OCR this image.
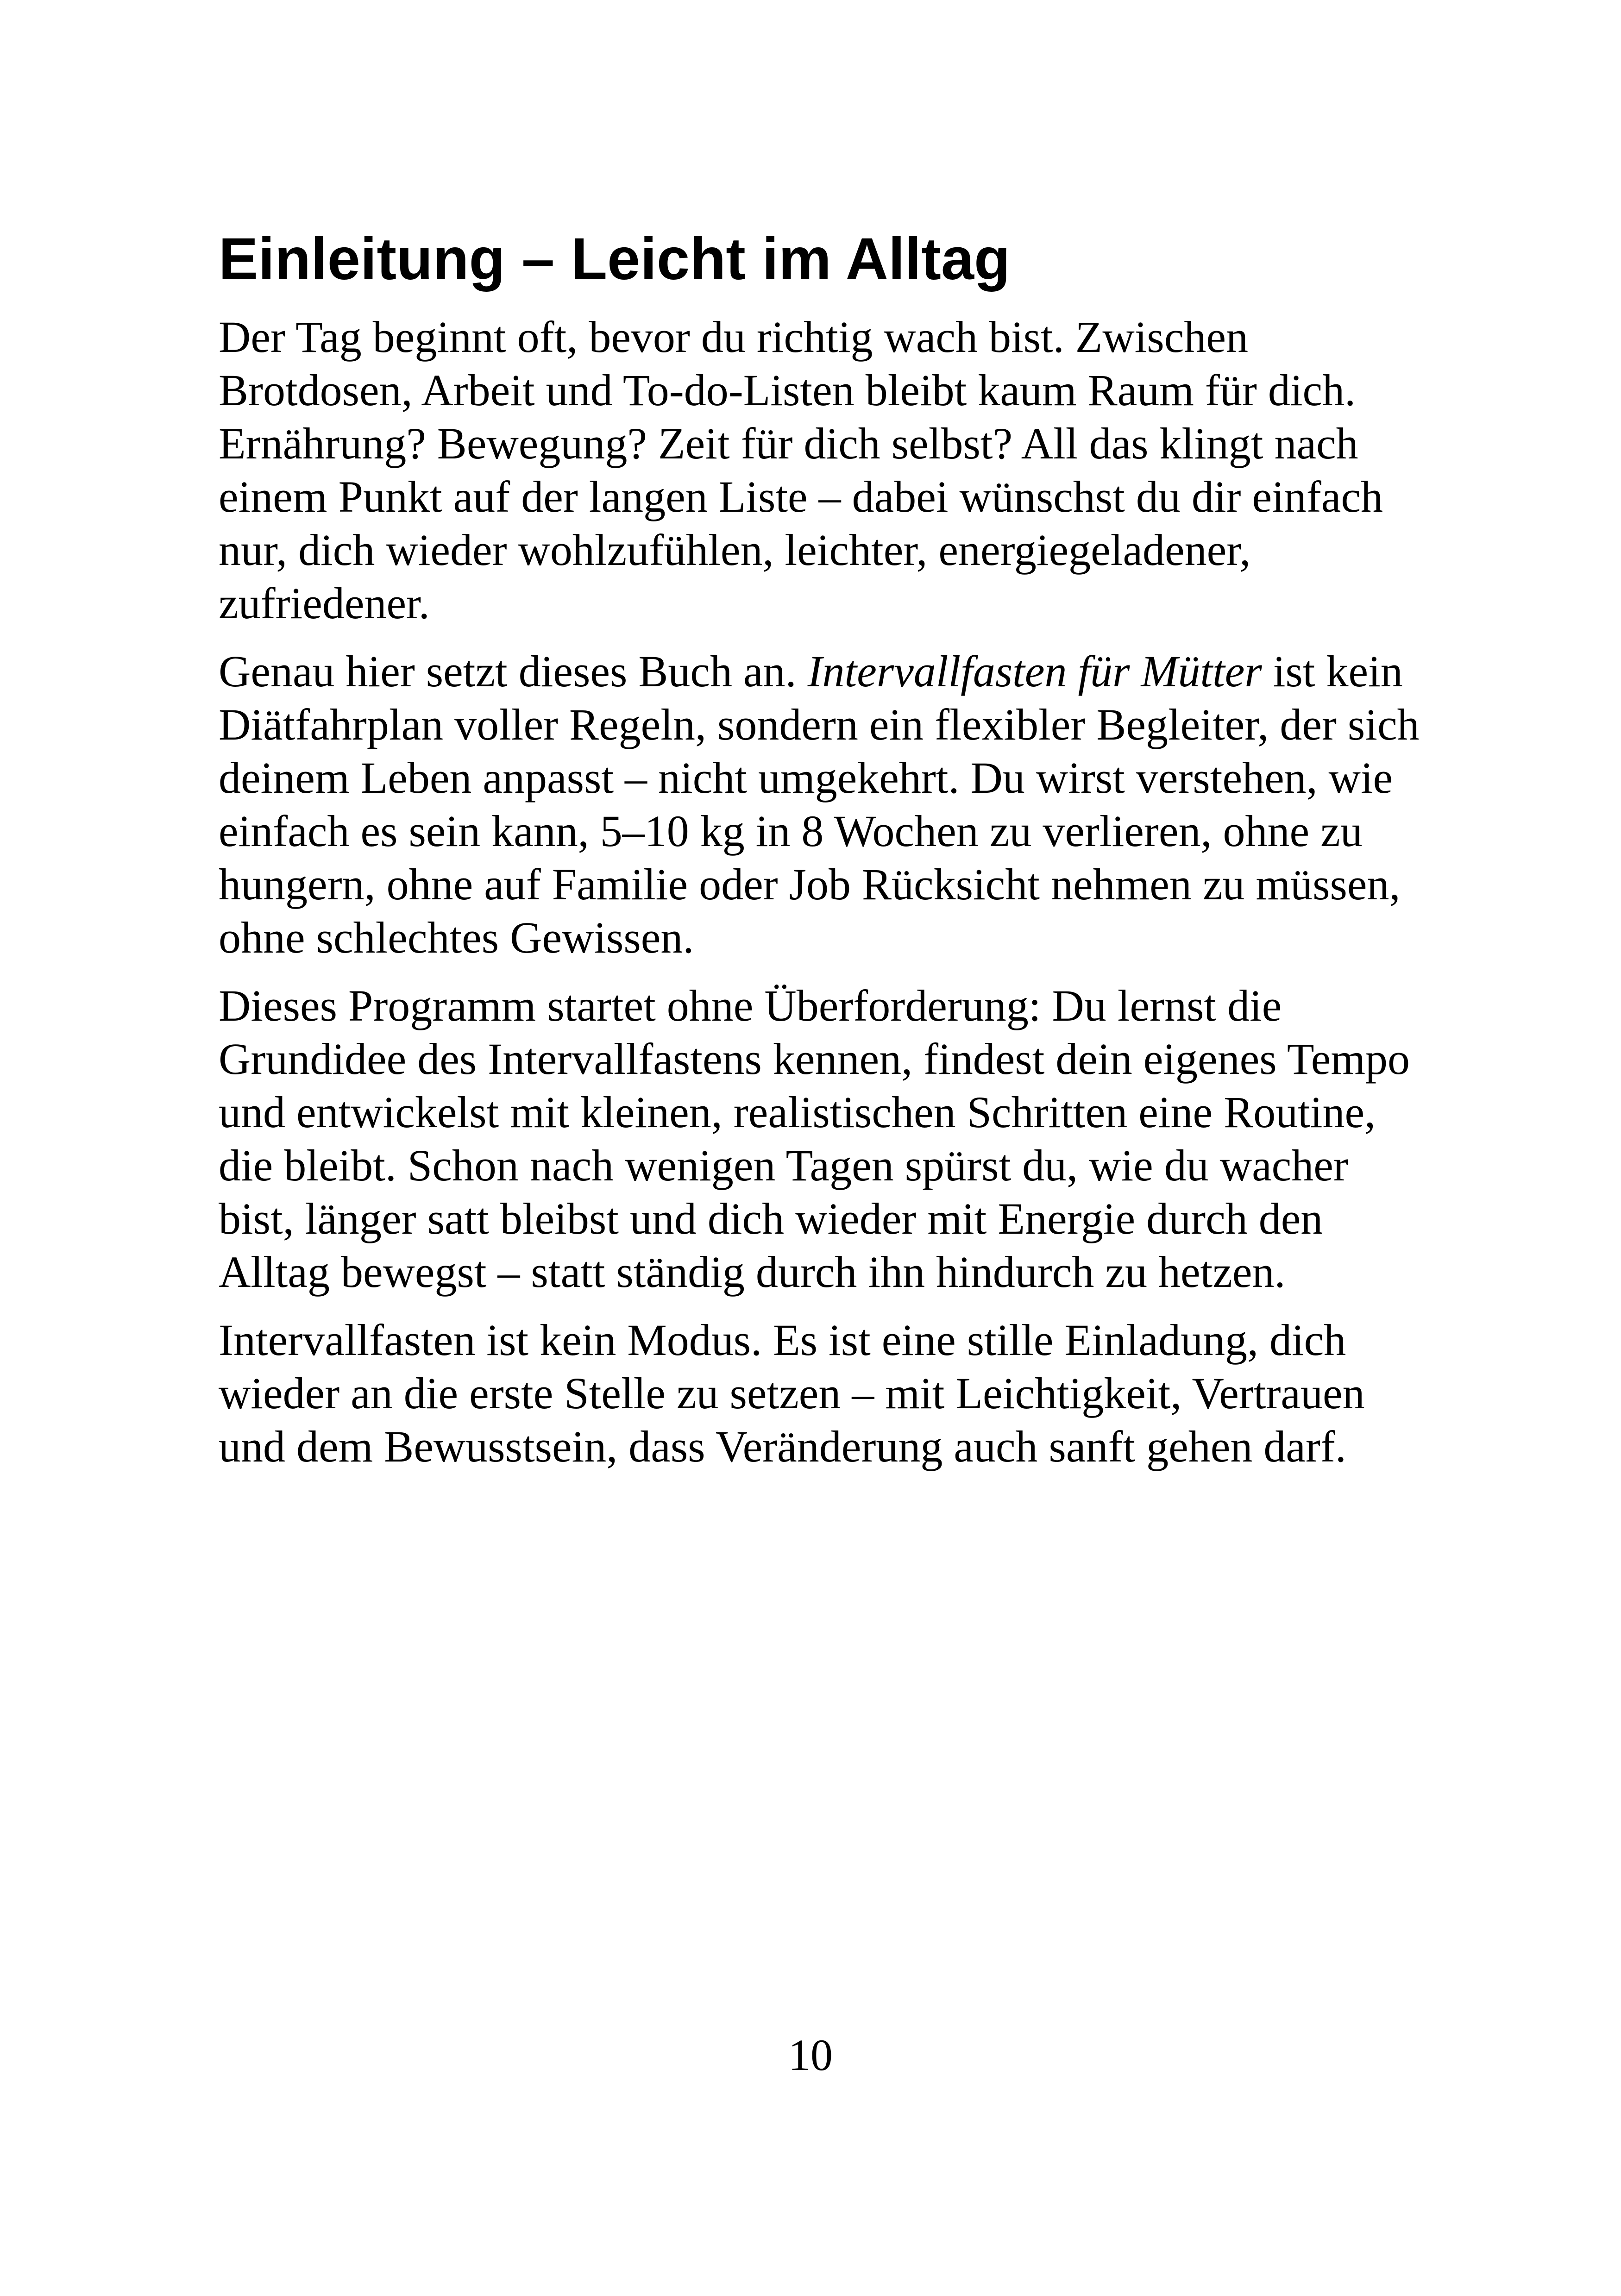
Einleitung – Leicht im Alltag

Der Tag beginnt oft, bevor du richtig wach bist. Zwischen Brotdosen, Arbeit und To-do-Listen bleibt kaum Raum für dich. Ernährung? Bewegung? Zeit für dich selbst? All das klingt nach einem Punkt auf der langen Liste – dabei wünschst du dir einfach nur, dich wieder wohlzufühlen, leichter, energiegeladener, zufriedener.

Genau hier setzt dieses Buch an. Intervallfasten für Mütter ist kein Diätfahrplan voller Regeln, sondern ein flexibler Begleiter, der sich deinem Leben anpasst – nicht umgekehrt. Du wirst verstehen, wie einfach es sein kann, 5–10 kg in 8 Wochen zu verlieren, ohne zu hungern, ohne auf Familie oder Job Rücksicht nehmen zu müssen, ohne schlechtes Gewissen.

Dieses Programm startet ohne Überforderung: Du lernst die Grundidee des Intervallfastens kennen, findest dein eigenes Tempo und entwickelst mit kleinen, realistischen Schritten eine Routine, die bleibt. Schon nach wenigen Tagen spürst du, wie du wacher bist, länger satt bleibst und dich wieder mit Energie durch den Alltag bewegst – statt ständig durch ihn hindurch zu hetzen.

Intervallfasten ist kein Modus. Es ist eine stille Einladung, dich wieder an die erste Stelle zu setzen – mit Leichtigkeit, Vertrauen und dem Bewusstsein, dass Veränderung auch sanft gehen darf.

10
